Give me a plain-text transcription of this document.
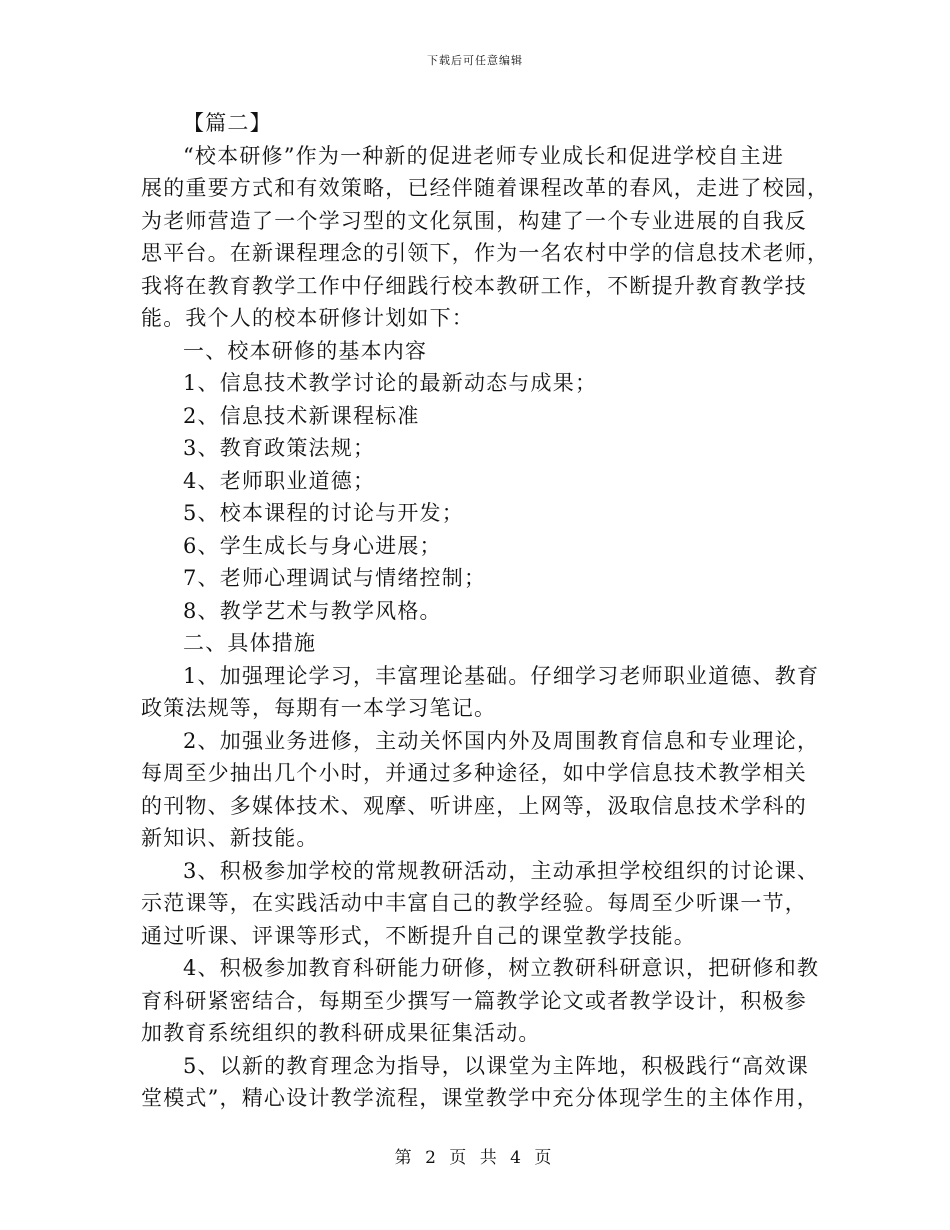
下载后可任意编辑

【篇二】

“校本研修”作为一种新的促进老师专业成长和促进学校自主进

展的重要方式和有效策略，已经伴随着课程改革的春风，走进了校园，

为老师营造了一个学习型的文化氛围，构建了一个专业进展的自我反

思平台。在新课程理念的引领下，作为一名农村中学的信息技术老师，

我将在教育教学工作中仔细践行校本教研工作，不断提升教育教学技

能。我个人的校本研修计划如下：

一、校本研修的基本内容

1、信息技术教学讨论的最新动态与成果；

2、信息技术新课程标准

3、教育政策法规；

4、老师职业道德；

5、校本课程的讨论与开发；

6、学生成长与身心进展；

7、老师心理调试与情绪控制；

8、教学艺术与教学风格。

二、具体措施

1、加强理论学习，丰富理论基础。仔细学习老师职业道德、教育

政策法规等，每期有一本学习笔记。

2、加强业务进修，主动关怀国内外及周围教育信息和专业理论，

每周至少抽出几个小时，并通过多种途径，如中学信息技术教学相关

的刊物、多媒体技术、观摩、听讲座，上网等，汲取信息技术学科的

新知识、新技能。

3、积极参加学校的常规教研活动，主动承担学校组织的讨论课、

示范课等，在实践活动中丰富自己的教学经验。每周至少听课一节，

通过听课、评课等形式，不断提升自己的课堂教学技能。

4、积极参加教育科研能力研修，树立教研科研意识，把研修和教

育科研紧密结合，每期至少撰写一篇教学论文或者教学设计，积极参

加教育系统组织的教科研成果征集活动。

5、以新的教育理念为指导，以课堂为主阵地，积极践行“高效课

堂模式”，精心设计教学流程，课堂教学中充分体现学生的主体作用，

第 2 页 共 4 页
